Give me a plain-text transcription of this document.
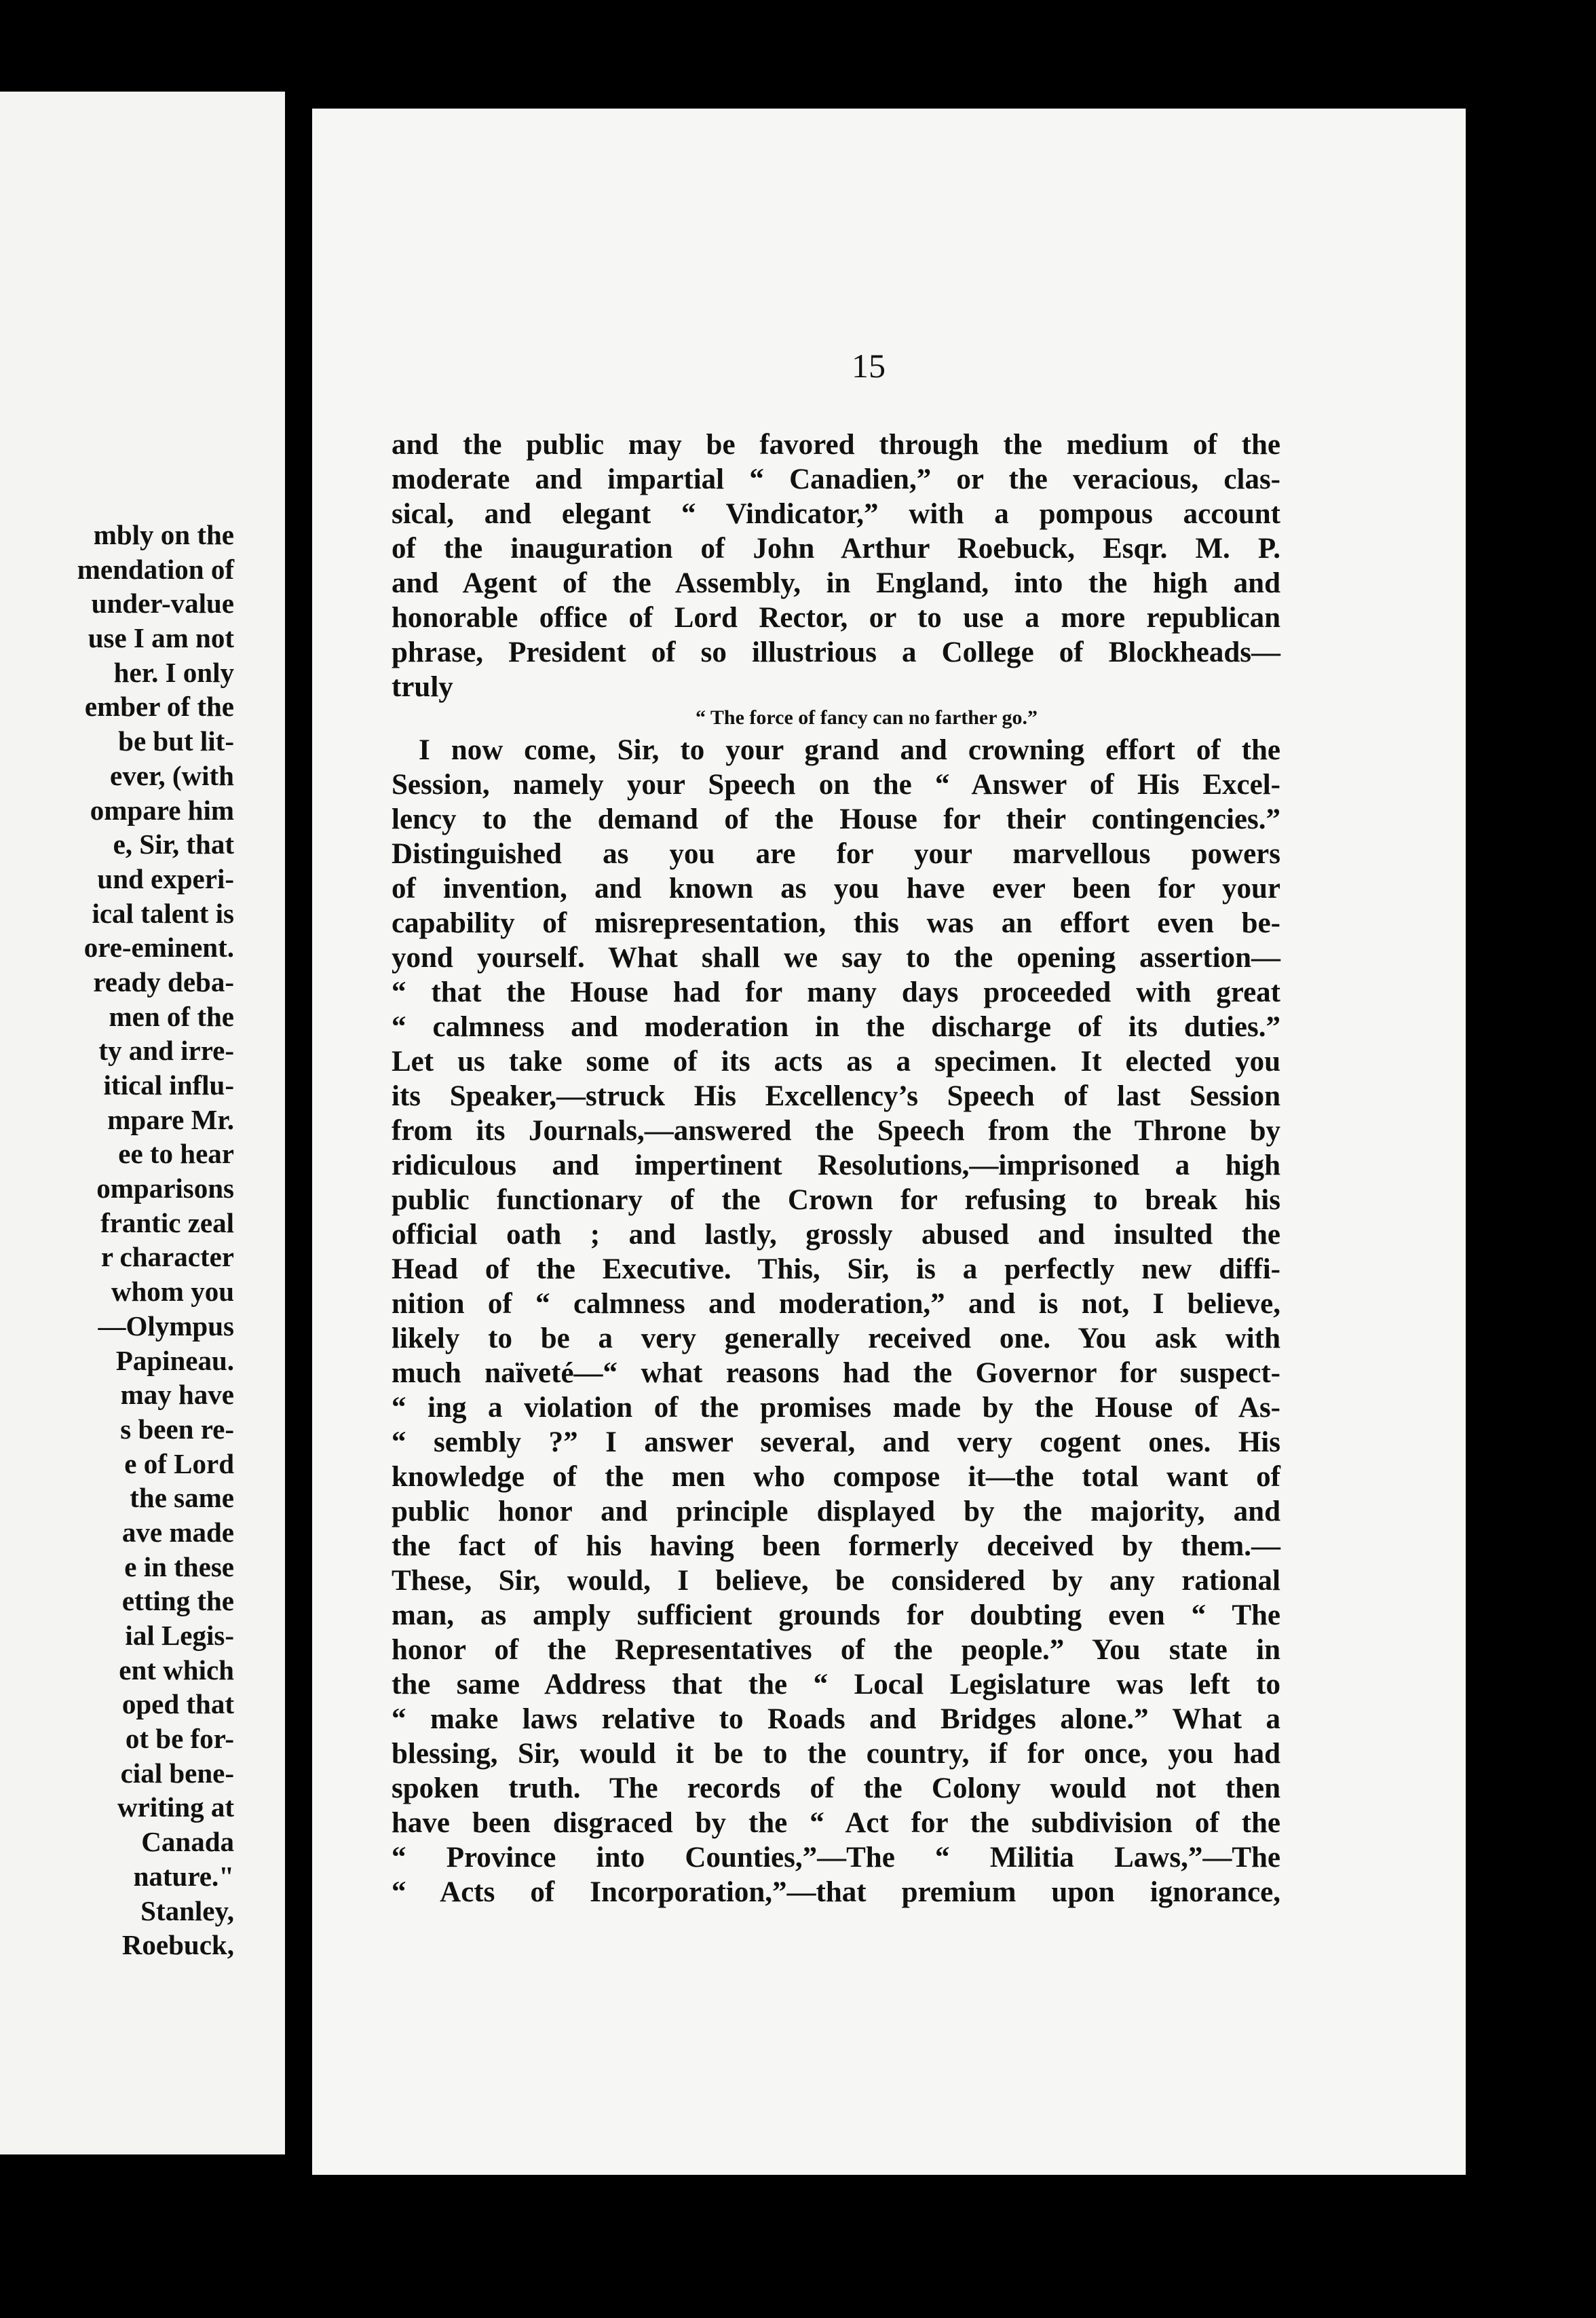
mbly on the
mendation of
under-value
use I am not
her. I only
ember of the
be but lit-
ever, (with
ompare him
e, Sir, that
und experi-
ical talent is
ore-eminent.
ready deba-
men of the
ty and irre-
itical influ-
mpare Mr.
ee to hear
omparisons
frantic zeal
r character
whom you
—Olympus
Papineau.
may have
s been re-
e of Lord
the same
ave made
e in these
etting the
ial Legis-
ent which
oped that
ot be for-
cial bene-
writing at
Canada
nature."
Stanley,
Roebuck,
15
and the public may be favored through the medium of the
moderate and impartial “ Canadien,” or the veracious, clas-
sical, and elegant “ Vindicator,” with a pompous account
of the inauguration of John Arthur Roebuck, Esqr. M. P.
and Agent of the Assembly, in England, into the high and
honorable office of Lord Rector, or to use a more republican
phrase, President of so illustrious a College of Blockheads—
truly
“ The force of fancy can no farther go.”
I now come, Sir, to your grand and crowning effort of the
Session, namely your Speech on the “ Answer of His Excel-
lency to the demand of the House for their contingencies.”
Distinguished as you are for your marvellous powers
of invention, and known as you have ever been for your
capability of misrepresentation, this was an effort even be-
yond yourself. What shall we say to the opening assertion—
“ that the House had for many days proceeded with great
“ calmness and moderation in the discharge of its duties.”
Let us take some of its acts as a specimen. It elected you
its Speaker,—struck His Excellency’s Speech of last Session
from its Journals,—answered the Speech from the Throne by
ridiculous and impertinent Resolutions,—imprisoned a high
public functionary of the Crown for refusing to break his
official oath ; and lastly, grossly abused and insulted the
Head of the Executive. This, Sir, is a perfectly new diffi-
nition of “ calmness and moderation,” and is not, I believe,
likely to be a very generally received one. You ask with
much naïveté—“ what reasons had the Governor for suspect-
“ ing a violation of the promises made by the House of As-
“ sembly ?” I answer several, and very cogent ones. His
knowledge of the men who compose it—the total want of
public honor and principle displayed by the majority, and
the fact of his having been formerly deceived by them.—
These, Sir, would, I believe, be considered by any rational
man, as amply sufficient grounds for doubting even “ The
honor of the Representatives of the people.” You state in
the same Address that the “ Local Legislature was left to
“ make laws relative to Roads and Bridges alone.” What a
blessing, Sir, would it be to the country, if for once, you had
spoken truth. The records of the Colony would not then
have been disgraced by the “ Act for the subdivision of the
“ Province into Counties,”—The “ Militia Laws,”—The
“ Acts of Incorporation,”—that premium upon ignorance,
